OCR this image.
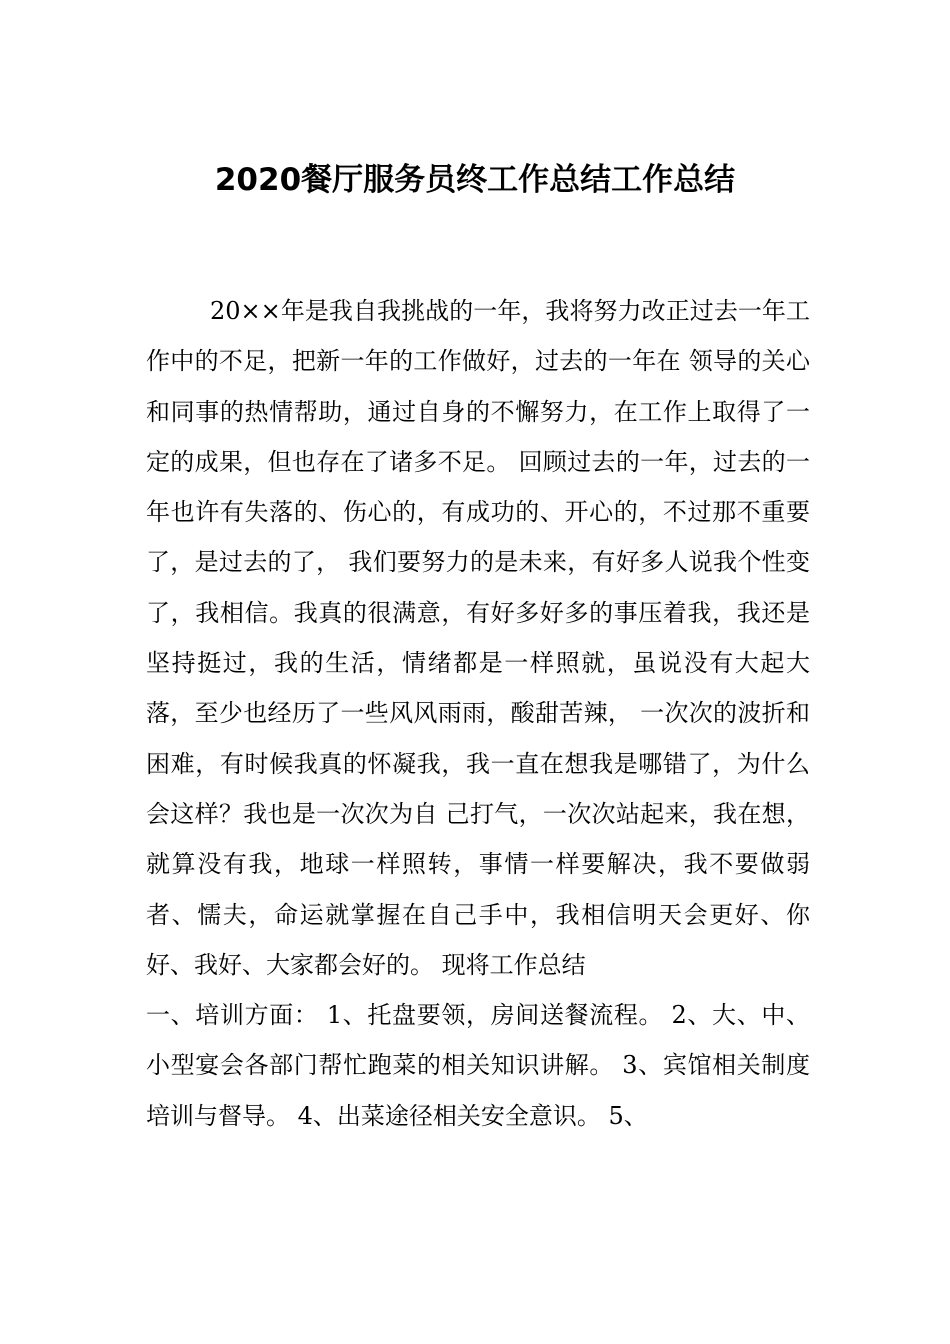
2020餐厅服务员终工作总结工作总结

20××年是我自我挑战的一年，我将努力改正过去一年工作中的不足，把新一年的工作做好，过去的一年在 领导的关心和同事的热情帮助，通过自身的不懈努力，在工作上取得了一定的成果，但也存在了诸多不足。 回顾过去的一年，过去的一年也许有失落的、伤心的，有成功的、开心的，不过那不重要了，是过去的了， 我们要努力的是未来，有好多人说我个性变了，我相信。我真的很满意，有好多好多的事压着我，我还是 坚持挺过，我的生活，情绪都是一样照就，虽说没有大起大落，至少也经历了一些风风雨雨，酸甜苦辣， 一次次的波折和困难，有时候我真的怀凝我，我一直在想我是哪错了，为什么会这样？我也是一次次为自 己打气，一次次站起来，我在想，就算没有我，地球一样照转，事情一样要解决，我不要做弱者、懦夫，命运就掌握在自己手中，我相信明天会更好、你好、我好、大家都会好的。 现将工作总结

一、培训方面： 1、托盘要领，房间送餐流程。 2、大、中、小型宴会各部门帮忙跑菜的相关知识讲解。 3、宾馆相关制度培训与督导。 4、出菜途径相关安全意识。 5、
